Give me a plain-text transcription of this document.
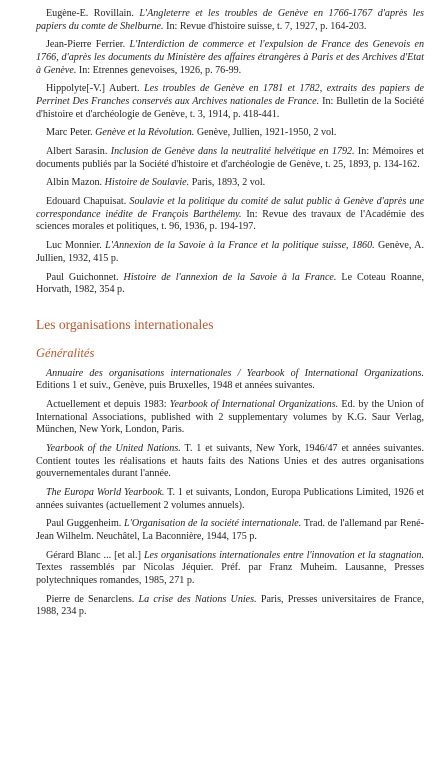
Eugène-E. Rovillain. L'Angleterre et les troubles de Genève en 1766-1767 d'après les papiers du comte de Shelburne. In: Revue d'histoire suisse, t. 7, 1927, p. 164-203.

Jean-Pierre Ferrier. L'Interdiction de commerce et l'expulsion de France des Genevois en 1766, d'après les documents du Ministère des affaires étrangères à Paris et des Archives d'Etat à Genève. In: Etrennes genevoises, 1926, p. 76-99.

Hippolyte[-V.] Aubert. Les troubles de Genève en 1781 et 1782, extraits des papiers de Perrinet Des Franches conservés aux Archives nationales de France. In: Bulletin de la Société d'histoire et d'archéologie de Genève, t. 3, 1914, p. 418-441.

Marc Peter. Genève et la Révolution. Genève, Jullien, 1921-1950, 2 vol.

Albert Sarasin. Inclusion de Genève dans la neutralité helvétique en 1792. In: Mémoires et documents publiés par la Société d'histoire et d'archéologie de Genève, t. 25, 1893, p. 134-162.

Albin Mazon. Histoire de Soulavie. Paris, 1893, 2 vol.

Edouard Chapuisat. Soulavie et la politique du comité de salut public à Genève d'après une correspondance inédite de François Barthélemy. In: Revue des travaux de l'Académie des sciences morales et politiques, t. 96, 1936, p. 194-197.

Luc Monnier. L'Annexion de la Savoie à la France et la politique suisse, 1860. Genève, A. Jullien, 1932, 415 p.

Paul Guichonnet. Histoire de l'annexion de la Savoie à la France. Le Coteau Roanne, Horvath, 1982, 354 p.

Les organisations internationales
Généralités

Annuaire des organisations internationales / Yearbook of International Organizations. Editions 1 et suiv., Genève, puis Bruxelles, 1948 et années suivantes.

Actuellement et depuis 1983: Yearbook of International Organizations. Ed. by the Union of International Associations, published with 2 supplementary volumes by K.G. Saur Verlag, München, New York, London, Paris.

Yearbook of the United Nations. T. 1 et suivants, New York, 1946/47 et années suivantes. Contient toutes les réalisations et hauts faits des Nations Unies et des autres organisations gouvernementales durant l'année.

The Europa World Yearbook. T. 1 et suivants, London, Europa Publications Limited, 1926 et années suivantes (actuellement 2 volumes annuels).

Paul Guggenheim. L'Organisation de la société internationale. Trad. de l'allemand par René-Jean Wilhelm. Neuchâtel, La Baconnière, 1944, 175 p.

Gérard Blanc ... [et al.] Les organisations internationales entre l'innovation et la stagnation. Textes rassemblés par Nicolas Jéquier. Préf. par Franz Muheim. Lausanne, Presses polytechniques romandes, 1985, 271 p.

Pierre de Senarclens. La crise des Nations Unies. Paris, Presses universitaires de France, 1988, 234 p.
